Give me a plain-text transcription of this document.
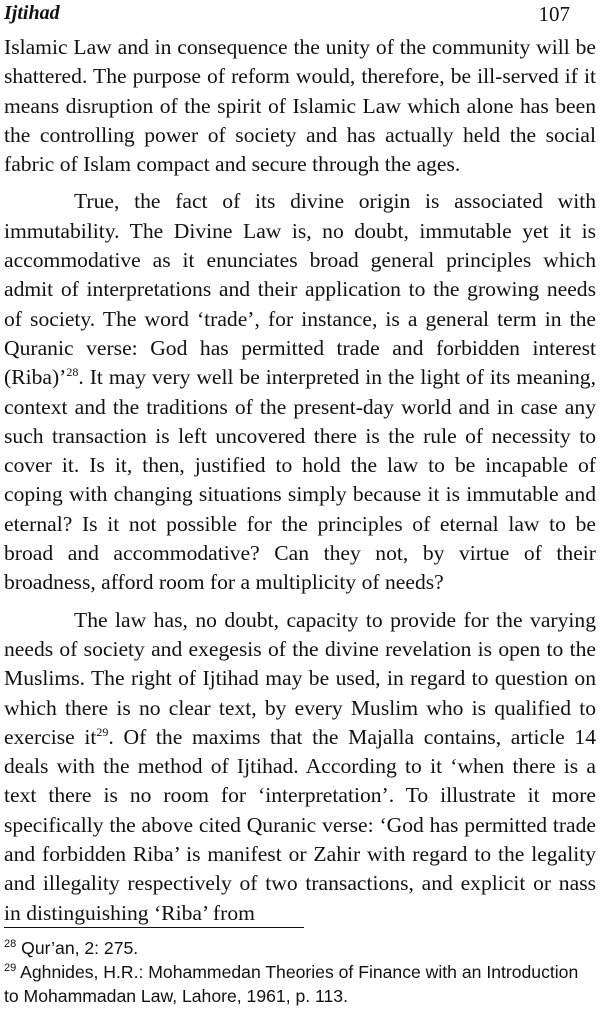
Ijtihad	107

Islamic Law and in consequence the unity of the community will be shattered. The purpose of reform would, therefore, be ill-served if it means disruption of the spirit of Islamic Law which alone has been the controlling power of society and has actually held the social fabric of Islam compact and secure through the ages.

True, the fact of its divine origin is associated with immutability. The Divine Law is, no doubt, immutable yet it is accommodative as it enunciates broad general principles which admit of interpretations and their application to the growing needs of society. The word ‘trade’, for instance, is a general term in the Quranic verse: God has permitted trade and forbidden interest (Riba)’$^{28}$. It may very well be interpreted in the light of its meaning, context and the traditions of the present-day world and in case any such transaction is left uncovered there is the rule of necessity to cover it. Is it, then, justified to hold the law to be incapable of coping with changing situations simply because it is immutable and eternal? Is it not possible for the principles of eternal law to be broad and accommodative? Can they not, by virtue of their broadness, afford room for a multiplicity of needs?

The law has, no doubt, capacity to provide for the varying needs of society and exegesis of the divine revelation is open to the Muslims. The right of Ijtihad may be used, in regard to question on which there is no clear text, by every Muslim who is qualified to exercise $it^{29}$. Of the maxims that the Majalla contains, article 14 deals with the method of Ijtihad. According to it ‘when there is a text there is no room for ‘interpretation’. To illustrate it more specifically the above cited Quranic verse: ‘God has permitted trade and forbidden Riba’ is manifest or Zahir with regard to the legality and illegality respectively of two transactions, and explicit or nass in distinguishing ‘Riba’ from

$^{28}$ Qur’an, 2: 275.

$^{29}$ Aghnides, H.R.: Mohammedan Theories of Finance with an Introduction to Mohammadan Law, Lahore, 1961, p. 113.
